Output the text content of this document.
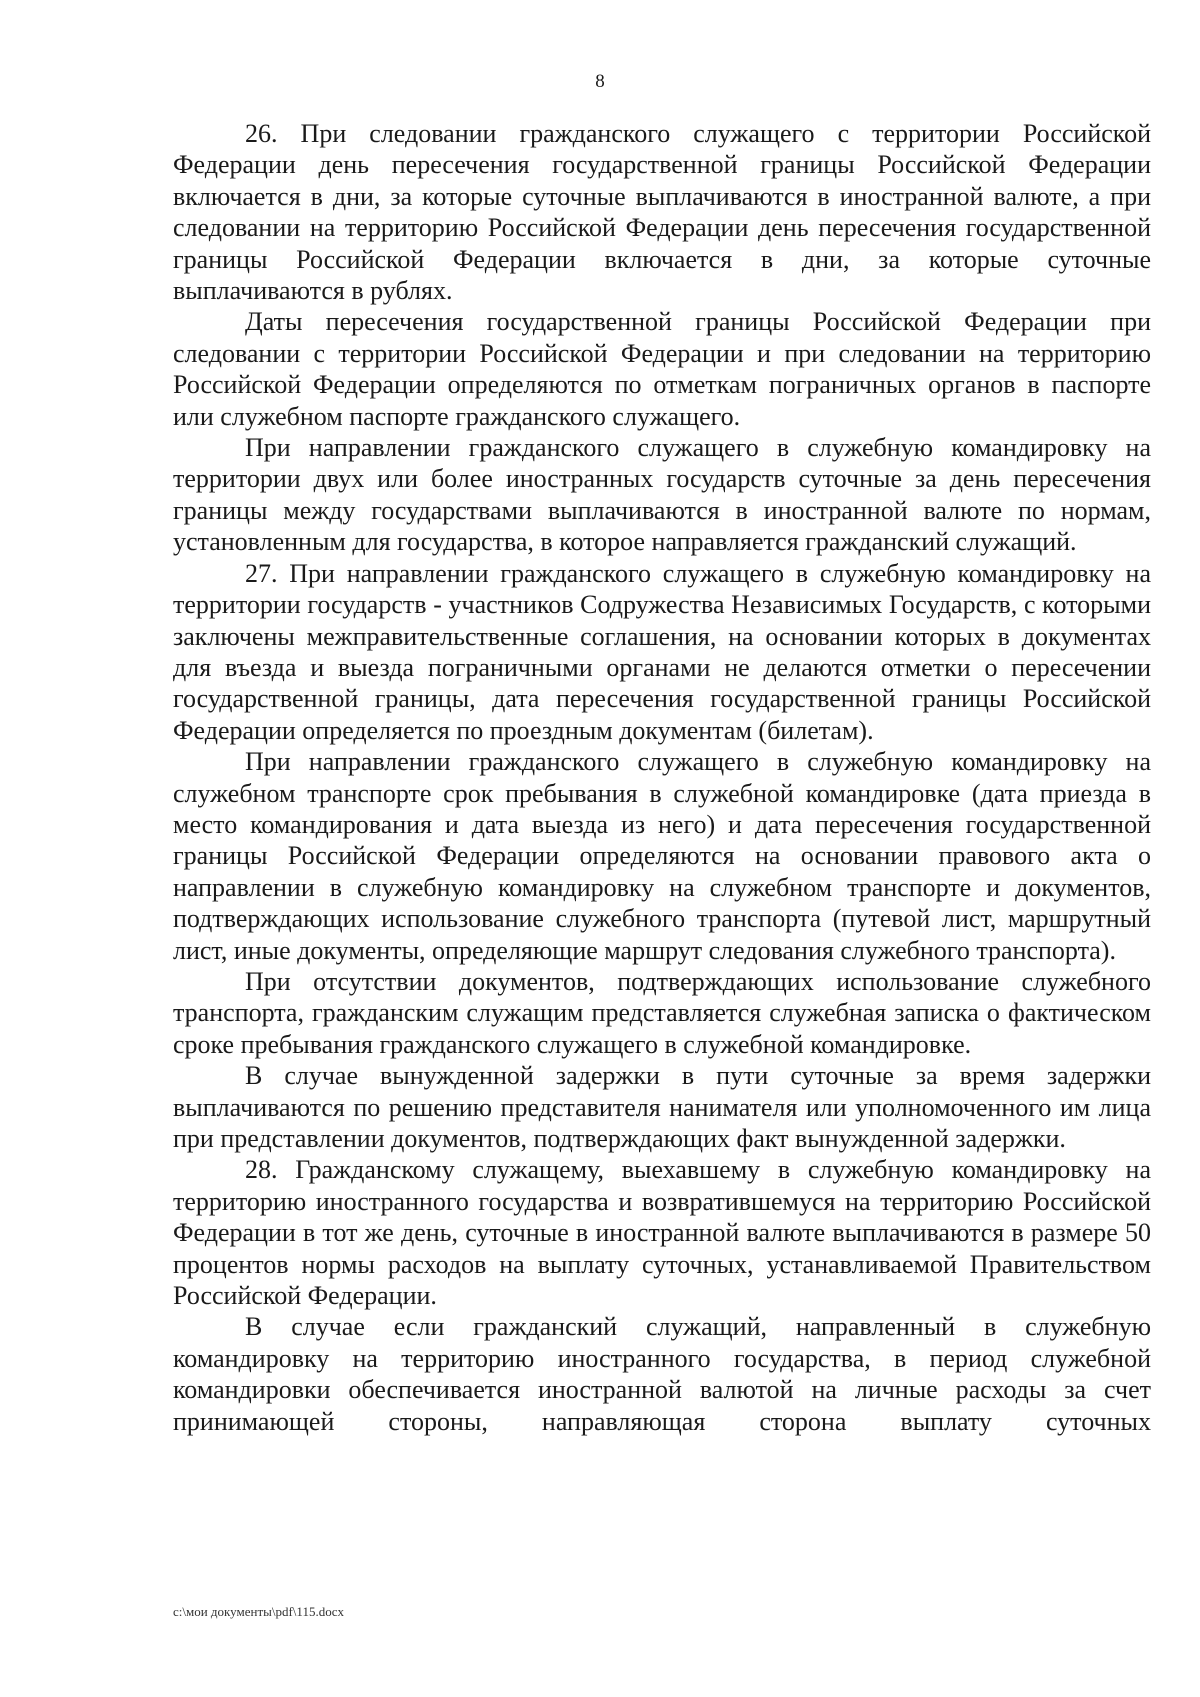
8

26. При следовании гражданского служащего с территории Российской Федерации день пересечения государственной границы Российской Федерации включается в дни, за которые суточные выплачиваются в иностранной валюте, а при следовании на территорию Российской Федерации день пересечения государственной границы Российской Федерации включается в дни, за которые суточные выплачиваются в рублях.

Даты пересечения государственной границы Российской Федерации при следовании с территории Российской Федерации и при следовании на территорию Российской Федерации определяются по отметкам пограничных органов в паспорте или служебном паспорте гражданского служащего.

При направлении гражданского служащего в служебную командировку на территории двух или более иностранных государств суточные за день пересечения границы между государствами выплачиваются в иностранной валюте по нормам, установленным для государства, в которое направляется гражданский служащий.

27. При направлении гражданского служащего в служебную командировку на территории государств - участников Содружества Независимых Государств, с которыми заключены межправительственные соглашения, на основании которых в документах для въезда и выезда пограничными органами не делаются отметки о пересечении государственной границы, дата пересечения государственной границы Российской Федерации определяется по проездным документам (билетам).

При направлении гражданского служащего в служебную командировку на служебном транспорте срок пребывания в служебной командировке (дата приезда в место командирования и дата выезда из него) и дата пересечения государственной границы Российской Федерации определяются на основании правового акта о направлении в служебную командировку на служебном транспорте и документов, подтверждающих использование служебного транспорта (путевой лист, маршрутный лист, иные документы, определяющие маршрут следования служебного транспорта).

При отсутствии документов, подтверждающих использование служебного транспорта, гражданским служащим представляется служебная записка о фактическом сроке пребывания гражданского служащего в служебной командировке.

В случае вынужденной задержки в пути суточные за время задержки выплачиваются по решению представителя нанимателя или уполномоченного им лица при представлении документов, подтверждающих факт вынужденной задержки.

28. Гражданскому служащему, выехавшему в служебную командировку на территорию иностранного государства и возвратившемуся на территорию Российской Федерации в тот же день, суточные в иностранной валюте выплачиваются в размере 50 процентов нормы расходов на выплату суточных, устанавливаемой Правительством Российской Федерации.

В случае если гражданский служащий, направленный в служебную командировку на территорию иностранного государства, в период служебной командировки обеспечивается иностранной валютой на личные расходы за счет принимающей стороны, направляющая сторона выплату суточных

c:\мои документы\pdf\115.docx
